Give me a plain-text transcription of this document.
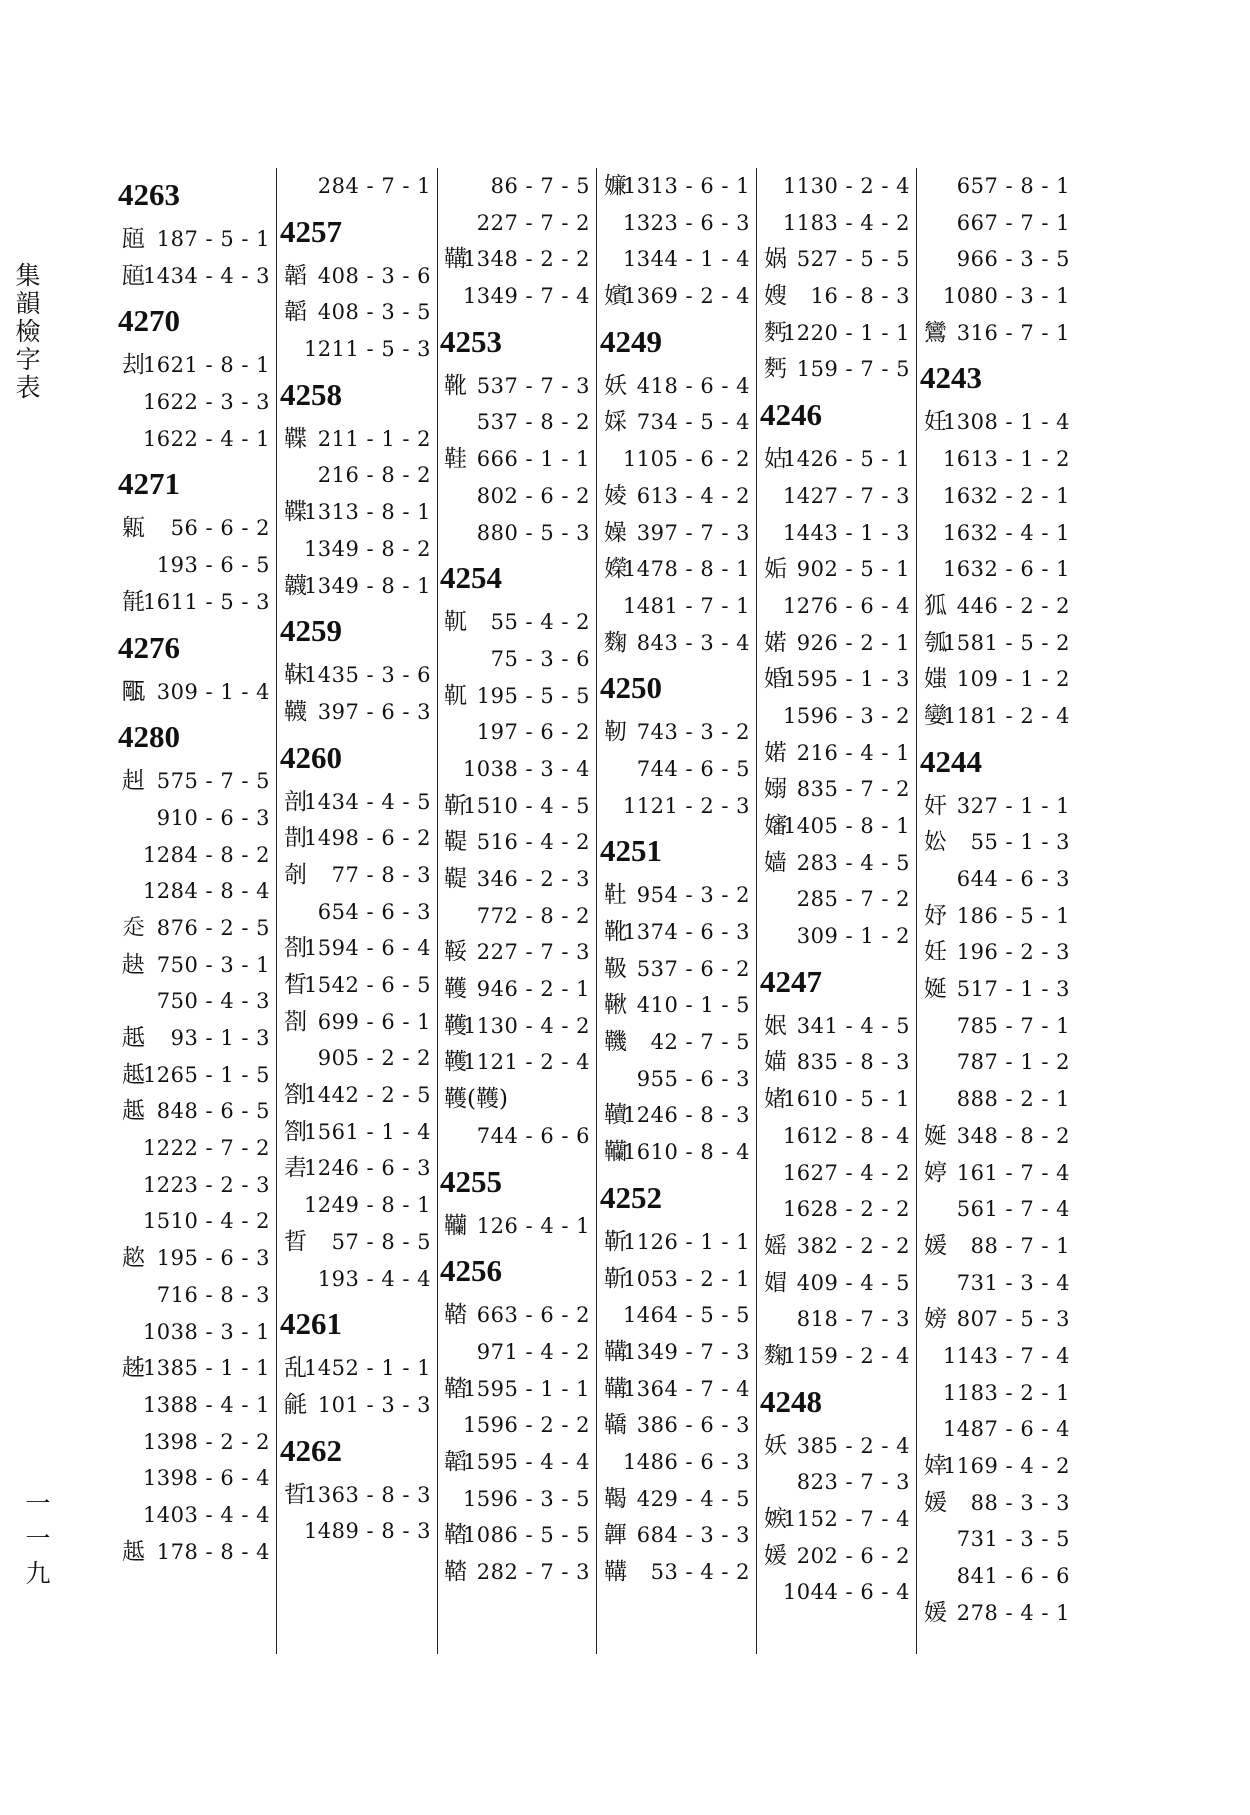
集韻檢字表
一一九
4263
瓸 187 - 5 - 1
瓸
1434 - 4 - 3
4270
刦
1621 - 8 - 1
1622 - 3 - 3
1622 - 4 - 1
4271
甈 56 - 6 - 2
193 - 6 - 5
毻
1611 - 5 - 3
4276
𤭛 309 - 1 - 4
4280
赳 575 - 7 - 5
910 - 6 - 3
1284 - 8 - 2
1284 - 8 - 4
𧺆 876 - 2 - 5
赽 750 - 3 - 1
750 - 4 - 3
赿 93 - 1 - 3
趆
1265 - 1 - 5
趆 848 - 6 - 5
1222 - 7 - 2
1223 - 2 - 3
1510 - 4 - 2
趑 195 - 6 - 3
716 - 8 - 3
1038 - 3 - 1
趀
1385 - 1 - 1
1388 - 4 - 1
1398 - 2 - 2
1398 - 6 - 4
1403 - 4 - 4
趆 178 - 8 - 4
284 - 7 - 1
4257
韜 408 - 3 - 6
韜 408 - 3 - 5
1211 - 5 - 3
4258
鞢 211 - 1 - 2
216 - 8 - 2
鞢
1313 - 8 - 1
1349 - 8 - 2
韤
1349 - 8 - 1
4259
靺
1435 - 3 - 6
韈 397 - 6 - 3
4260
剖
1434 - 4 - 5
剒
1498 - 6 - 2
剞 77 - 8 - 3
654 - 6 - 3
剳
1594 - 6 - 4
晳
1542 - 6 - 5
剳 699 - 6 - 1
905 - 2 - 2
劄
1442 - 2 - 5
劄
1561 - 1 - 4
砉
1246 - 6 - 3
1249 - 8 - 1
晢 57 - 8 - 5
193 - 4 - 4
4261
乱
1452 - 1 - 1
毹 101 - 3 - 3
4262
晢
1363 - 8 - 3
1489 - 8 - 3
86 - 7 - 5
227 - 7 - 2
鞲
1348 - 2 - 2
1349 - 7 - 4
4253
靴 537 - 7 - 3
537 - 8 - 2
鞋 666 - 1 - 1
802 - 6 - 2
880 - 5 - 3
4254
靰 55 - 4 - 2
75 - 3 - 6
靰 195 - 5 - 5
197 - 6 - 2
1038 - 3 - 4
靳
1510 - 4 - 5
鞮 516 - 4 - 2
鞮 346 - 2 - 3
772 - 8 - 2
鞖 227 - 7 - 3
韄 946 - 2 - 1
韄
1130 - 4 - 2
韄
1121 - 2 - 4
韄(韄)
744 - 6 - 6
4255
韊 126 - 4 - 1
4256
鞜 663 - 6 - 2
971 - 4 - 2
鞜
1595 - 1 - 1
1596 - 2 - 2
韜
1595 - 4 - 4
1596 - 3 - 5
鞜
1086 - 5 - 5
鞜 282 - 7 - 3
嬚
1313 - 6 - 1
1323 - 6 - 3
1344 - 1 - 4
嬪
1369 - 2 - 4
4249
妖 418 - 6 - 4
婇 734 - 5 - 4
1105 - 6 - 2
婈 613 - 4 - 2
嬠 397 - 7 - 3
嬫
1478 - 8 - 1
1481 - 7 - 1
麴 843 - 3 - 4
4250
靭 743 - 3 - 2
744 - 6 - 5
1121 - 2 - 3
4251
靯 954 - 3 - 2
靴
1374 - 6 - 3
靸 537 - 6 - 2
鞦 410 - 1 - 5
鞿 42 - 7 - 5
955 - 6 - 3
韇
1246 - 8 - 3
韊
1610 - 8 - 4
4252
靳
1126 - 1 - 1
靳
1053 - 2 - 1
1464 - 5 - 5
鞲
1349 - 7 - 3
鞲
1364 - 7 - 4
鞽 386 - 6 - 3
1486 - 6 - 3
鞨 429 - 4 - 5
韗 684 - 3 - 3
鞲 53 - 4 - 2
1130 - 2 - 4
1183 - 4 - 2
娲 527 - 5 - 5
嫂 16 - 8 - 3
麫
1220 - 1 - 1
麫 159 - 7 - 5
4246
姑
1426 - 5 - 1
1427 - 7 - 3
1443 - 1 - 3
姤 902 - 5 - 1
1276 - 6 - 4
婼 926 - 2 - 1
婚
1595 - 1 - 3
1596 - 3 - 2
婼 216 - 4 - 1
嫋 835 - 7 - 2
嬸
1405 - 8 - 1
嫱 283 - 4 - 5
285 - 7 - 2
309 - 1 - 2
4247
姄 341 - 4 - 5
媌 835 - 8 - 3
媎
1610 - 5 - 1
1612 - 8 - 4
1627 - 4 - 2
1628 - 2 - 2
媱 382 - 2 - 2
媢 409 - 4 - 5
818 - 7 - 3
麴
1159 - 2 - 4
4248
妖 385 - 2 - 4
823 - 7 - 3
嫉
1152 - 7 - 4
媛 202 - 6 - 2
1044 - 6 - 4
657 - 8 - 1
667 - 7 - 1
966 - 3 - 5
1080 - 3 - 1
鸞 316 - 7 - 1
4243
妊
1308 - 1 - 4
1613 - 1 - 2
1632 - 2 - 1
1632 - 4 - 1
1632 - 6 - 1
狐 446 - 2 - 2
瓠
1581 - 5 - 2
媸 109 - 1 - 2
孌
1181 - 2 - 4
4244
奸 327 - 1 - 1
妐 55 - 1 - 3
644 - 6 - 3
妤 186 - 5 - 1
妊 196 - 2 - 3
娫 517 - 1 - 3
785 - 7 - 1
787 - 1 - 2
888 - 2 - 1
娫 348 - 8 - 2
婷 161 - 7 - 4
561 - 7 - 4
媛 88 - 7 - 1
731 - 3 - 4
嫎 807 - 5 - 3
1143 - 7 - 4
1183 - 2 - 1
1487 - 6 - 4
婞
1169 - 4 - 2
媛 88 - 3 - 3
731 - 3 - 5
841 - 6 - 6
媛 278 - 4 - 1
